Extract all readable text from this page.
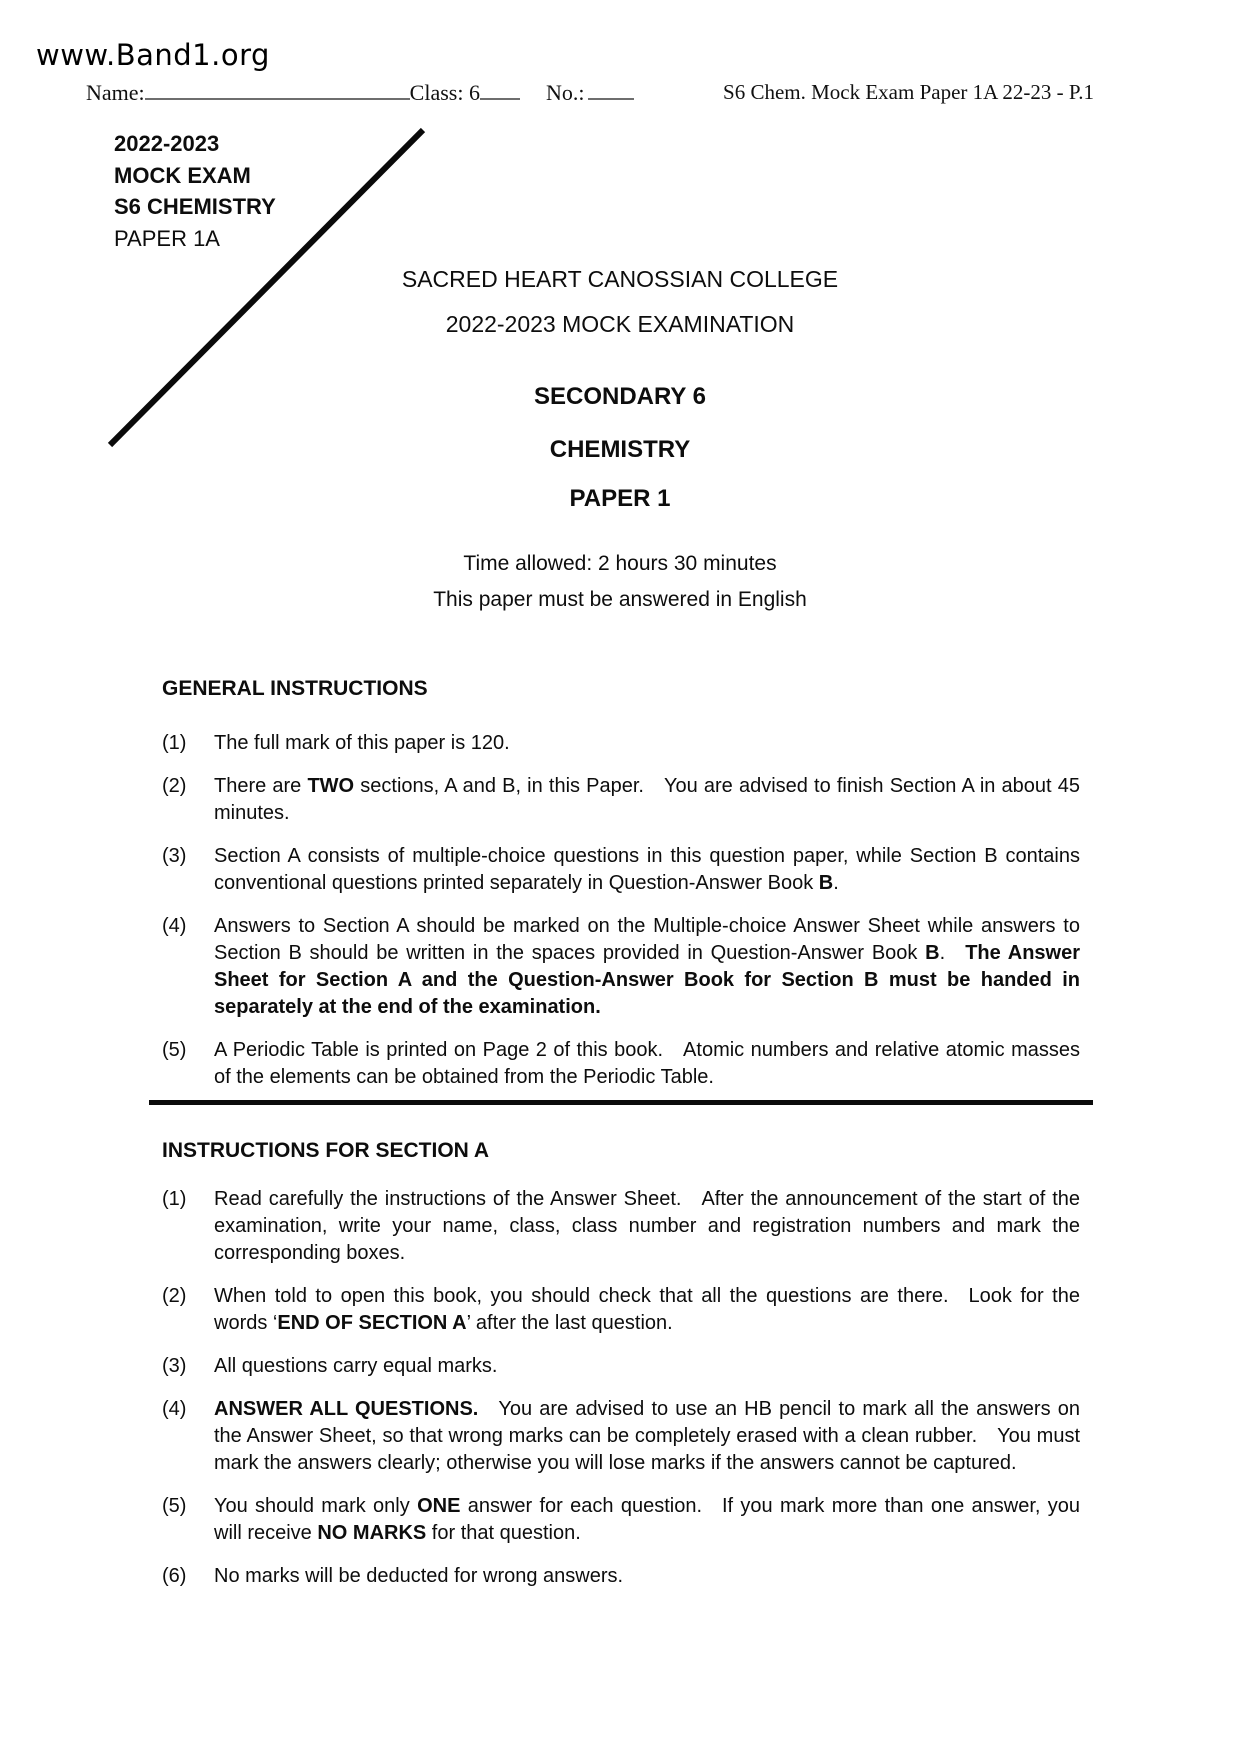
www.Band1.org
Name:	Class: 6	No.:	S6 Chem. Mock Exam Paper 1A 22-23 - P.1
2022-2023
MOCK EXAM
S6 CHEMISTRY
PAPER 1A
SACRED HEART CANOSSIAN COLLEGE
2022-2023 MOCK EXAMINATION
SECONDARY 6
CHEMISTRY
PAPER 1
Time allowed: 2 hours 30 minutes
This paper must be answered in English
GENERAL INSTRUCTIONS
(1)	The full mark of this paper is 120.

(2)	There are TWO sections, A and B, in this Paper.  You are advised to finish Section A in about 45 minutes.

(3)	Section A consists of multiple-choice questions in this question paper, while Section B contains conventional questions printed separately in Question-Answer Book B.

(4)	Answers to Section A should be marked on the Multiple-choice Answer Sheet while answers to Section B should be written in the spaces provided in Question-Answer Book B.  The Answer Sheet for Section A and the Question-Answer Book for Section B must be handed in separately at the end of the examination.

(5)	A Periodic Table is printed on Page 2 of this book.  Atomic numbers and relative atomic masses of the elements can be obtained from the Periodic Table.

INSTRUCTIONS FOR SECTION A
(1)	Read carefully the instructions of the Answer Sheet.  After the announcement of the start of the examination, write your name, class, class number and registration numbers and mark the corresponding boxes.

(2)	When told to open this book, you should check that all the questions are there.  Look for the words ‘END OF SECTION A’ after the last question.

(3)	All questions carry equal marks.

(4)	ANSWER ALL QUESTIONS.  You are advised to use an HB pencil to mark all the answers on the Answer Sheet, so that wrong marks can be completely erased with a clean rubber.  You must mark the answers clearly; otherwise you will lose marks if the answers cannot be captured.

(5)	You should mark only ONE answer for each question.  If you mark more than one answer, you will receive NO MARKS for that question.

(6)	No marks will be deducted for wrong answers.
